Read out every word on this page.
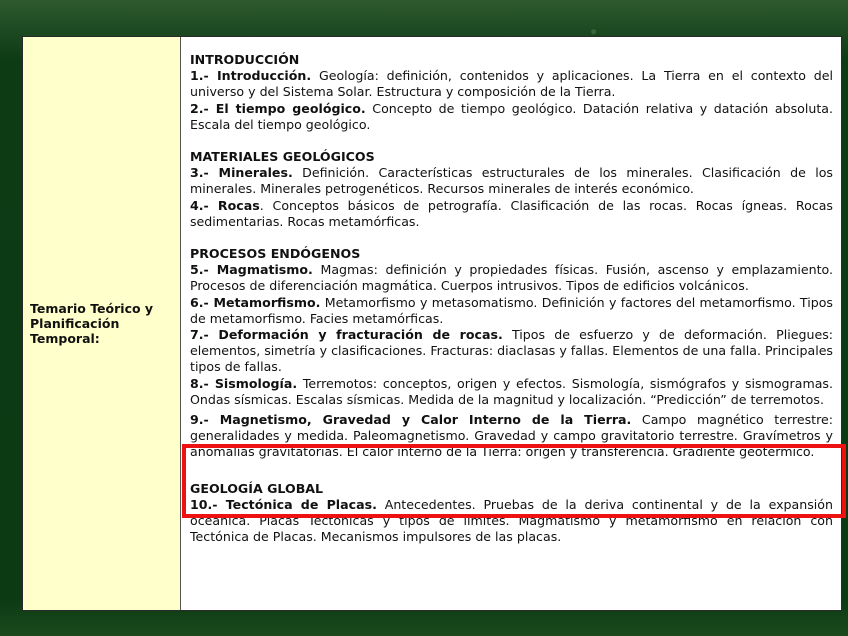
Temario Teórico y
Planificación
Temporal:

INTRODUCCIÓN

1.- Introducción. Geología: definición, contenidos y aplicaciones. La Tierra en el contexto del universo y del Sistema Solar. Estructura y composición de la Tierra.

2.- El tiempo geológico. Concepto de tiempo geológico. Datación relativa y datación absoluta. Escala del tiempo geológico.

MATERIALES GEOLÓGICOS

3.- Minerales. Definición. Características estructurales de los minerales. Clasificación de los minerales. Minerales petrogenéticos. Recursos minerales de interés económico.

4.- Rocas. Conceptos básicos de petrografía. Clasificación de las rocas. Rocas ígneas. Rocas sedimentarias. Rocas metamórficas.

PROCESOS ENDÓGENOS

5.- Magmatismo. Magmas: definición y propiedades físicas. Fusión, ascenso y emplazamiento. Procesos de diferenciación magmática. Cuerpos intrusivos. Tipos de edificios volcánicos.

6.- Metamorfismo. Metamorfismo y metasomatismo. Definición y factores del metamorfismo. Tipos de metamorfismo. Facies metamórficas.

7.- Deformación y fracturación de rocas. Tipos de esfuerzo y de deformación. Pliegues: elementos, simetría y clasificaciones. Fracturas: diaclasas y fallas. Elementos de una falla. Principales tipos de fallas.

8.- Sismología. Terremotos: conceptos, origen y efectos. Sismología, sismógrafos y sismogramas. Ondas sísmicas. Escalas sísmicas. Medida de la magnitud y localización. “Predicción” de terremotos.

9.- Magnetismo, Gravedad y Calor Interno de la Tierra. Campo magnético terrestre: generalidades y medida. Paleomagnetismo. Gravedad y campo gravitatorio terrestre. Gravímetros y anomalías gravitatorias. El calor interno de la Tierra: origen y transferencia. Gradiente geotérmico.

GEOLOGÍA GLOBAL

10.- Tectónica de Placas. Antecedentes. Pruebas de la deriva continental y de la expansión oceánica. Placas Tectónicas y tipos de límites. Magmatismo y metamorfismo en relación con Tectónica de Placas. Mecanismos impulsores de las placas.
